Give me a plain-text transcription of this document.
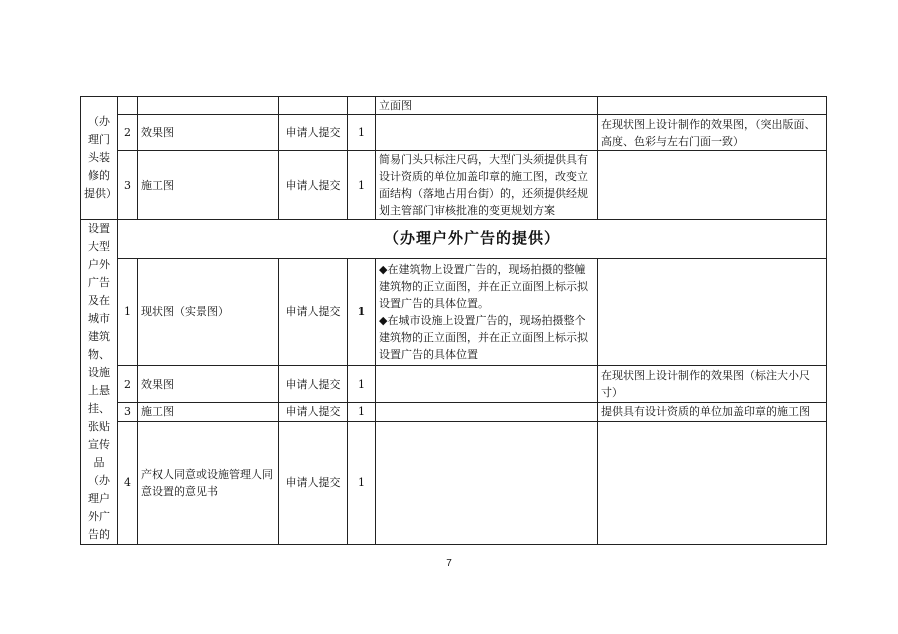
（办理门头装修的提供）					立面图	
	2	效果图	申请人提交	1		在现状图上设计制作的效果图，（突出版面、高度、色彩与左右门面一致）
	3	施工图	申请人提交	1	简易门头只标注尺码，大型门头须提供具有设计资质的单位加盖印章的施工图，改变立面结构（落地占用台街）的，还须提供经规划主管部门审核批准的变更规划方案	
设置大型户外广告及在城市建筑物、设施上悬挂、张贴宣传品（办理户外广告的	（办理户外广告的提供）					
	1	现状图（实景图）	申请人提交	1	◆在建筑物上设置广告的，现场拍摄的整幢建筑物的正立面图，并在正立面图上标示拟设置广告的具体位置。
◆在城市设施上设置广告的，现场拍摄整个建筑物的正立面图，并在正立面图上标示拟设置广告的具体位置	

	2	效果图	申请人提交	1		在现状图上设计制作的效果图（标注大小尺寸）
	3	施工图	申请人提交	1		提供具有设计资质的单位加盖印章的施工图
	4	产权人同意或设施管理人同意设置的意见书	申请人提交	1		
7
